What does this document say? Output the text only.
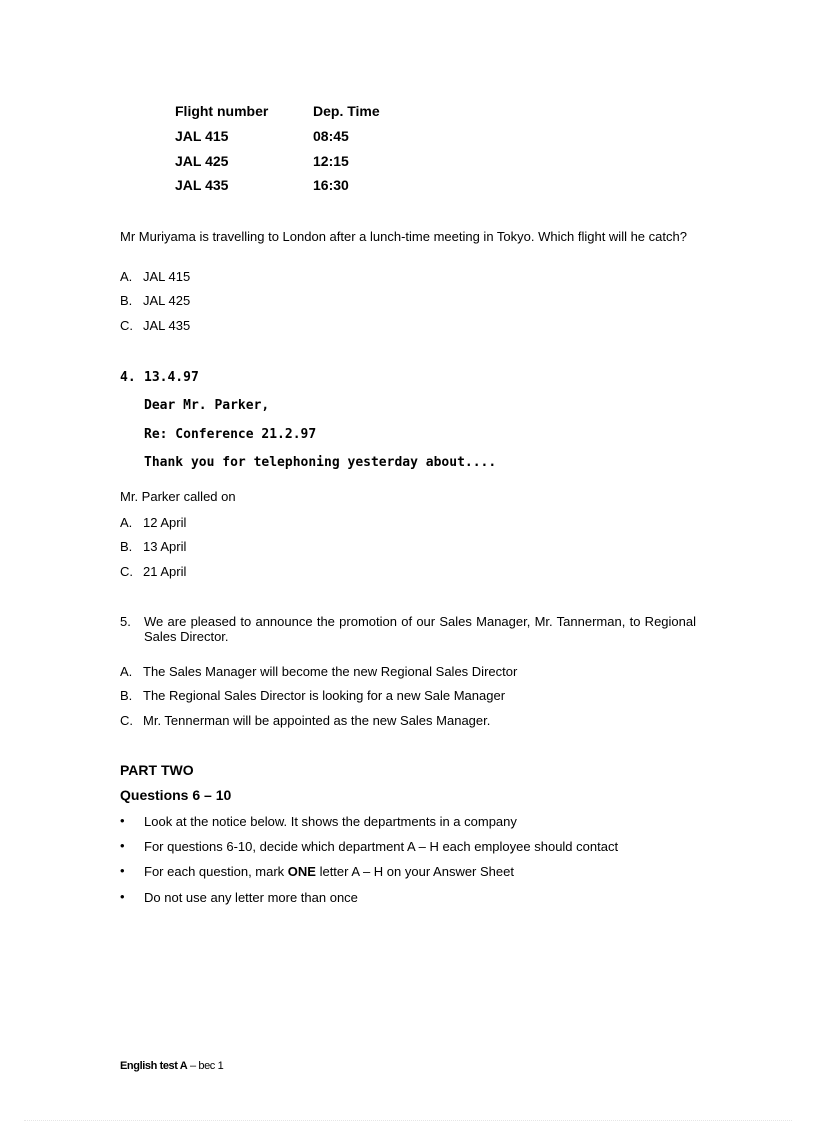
Flight number	Dep. Time
JAL 415	08:45
JAL 425	12:15
JAL 435	16:30
Mr Muriyama is travelling to London after a lunch-time meeting in Tokyo. Which flight will he catch?
A. JAL 415
B. JAL 425
C. JAL 435
4. 13.4.97
Dear Mr. Parker,
Re: Conference 21.2.97
Thank you for telephoning yesterday about....
Mr. Parker called on
A. 12 April
B. 13 April
C. 21 April
5. We are pleased to announce the promotion of our Sales Manager, Mr. Tannerman, to Regional Sales Director.
A. The Sales Manager will become the new Regional Sales Director
B. The Regional Sales Director is looking for a new Sale Manager
C. Mr. Tennerman will be appointed as the new Sales Manager.
PART TWO
Questions 6 – 10
• Look at the notice below. It shows the departments in a company
• For questions 6-10, decide which department A – H each employee should contact
• For each question, mark ONE letter A – H on your Answer Sheet
• Do not use any letter more than once
English test A – bec 1
